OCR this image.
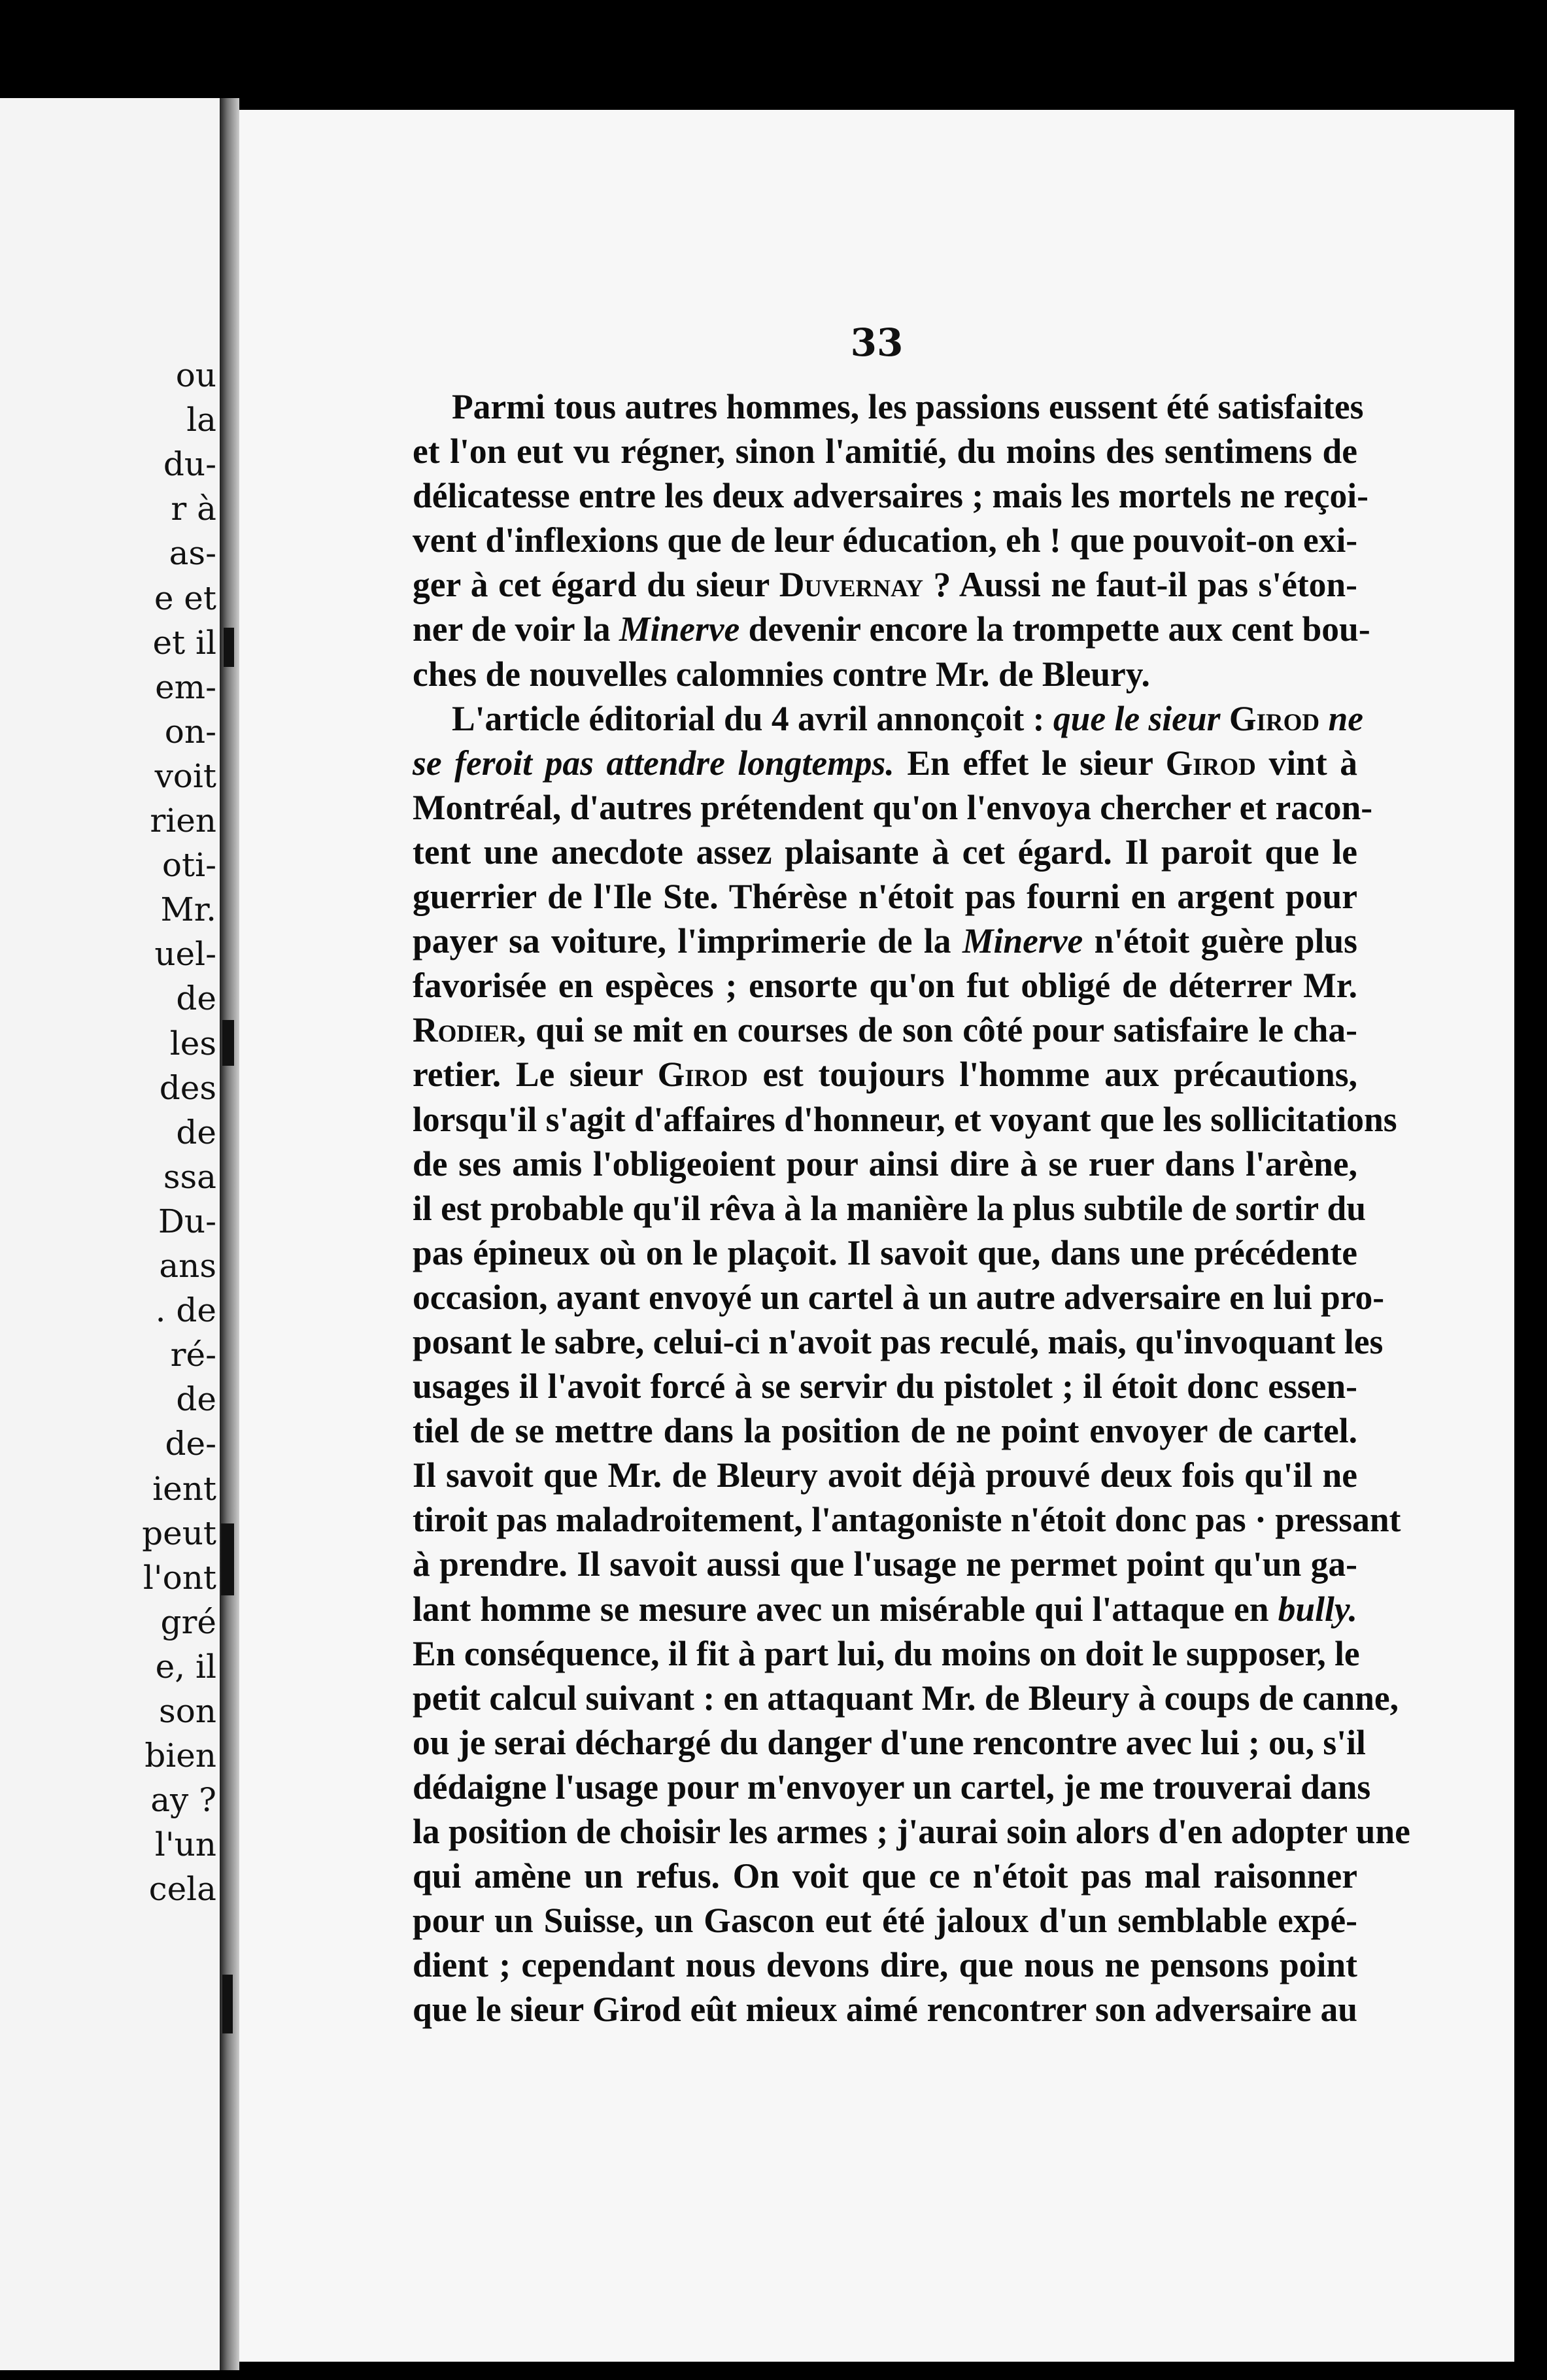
ou
la
du-
r à
as-
e et
et il
em-
on-
voit
rien
oti-
Mr.
uel-
de
les
des
de
ssa
Du-
ans
. de
ré-
de
de-
ient
peut
l'ont
gré
e, il
son
bien
ay ?
l'un
cela
33
Parmi tous autres hommes, les passions eussent été satisfaites
et l'on eut vu régner, sinon l'amitié, du moins des sentimens de
délicatesse entre les deux adversaires ; mais les mortels ne reçoi-
vent d'inflexions que de leur éducation, eh ! que pouvoit-on exi-
ger à cet égard du sieur Duvernay ? Aussi ne faut-il pas s'éton-
ner de voir la Minerve devenir encore la trompette aux cent bou-
ches de nouvelles calomnies contre Mr. de Bleury.
L'article éditorial du 4 avril annonçoit : que le sieur Girod ne
se feroit pas attendre longtemps. En effet le sieur Girod vint à
Montréal, d'autres prétendent qu'on l'envoya chercher et racon-
tent une anecdote assez plaisante à cet égard. Il paroit que le
guerrier de l'Ile Ste. Thérèse n'étoit pas fourni en argent pour
payer sa voiture, l'imprimerie de la Minerve n'étoit guère plus
favorisée en espèces ; ensorte qu'on fut obligé de déterrer Mr.
Rodier, qui se mit en courses de son côté pour satisfaire le cha-
retier. Le sieur Girod est toujours l'homme aux précautions,
lorsqu'il s'agit d'affaires d'honneur, et voyant que les sollicitations
de ses amis l'obligeoient pour ainsi dire à se ruer dans l'arène,
il est probable qu'il rêva à la manière la plus subtile de sortir du
pas épineux où on le plaçoit. Il savoit que, dans une précédente
occasion, ayant envoyé un cartel à un autre adversaire en lui pro-
posant le sabre, celui-ci n'avoit pas reculé, mais, qu'invoquant les
usages il l'avoit forcé à se servir du pistolet ; il étoit donc essen-
tiel de se mettre dans la position de ne point envoyer de cartel.
Il savoit que Mr. de Bleury avoit déjà prouvé deux fois qu'il ne
tiroit pas maladroitement, l'antagoniste n'étoit donc pas · pressant
à prendre. Il savoit aussi que l'usage ne permet point qu'un ga-
lant homme se mesure avec un misérable qui l'attaque en bully.
En conséquence, il fit à part lui, du moins on doit le supposer, le
petit calcul suivant : en attaquant Mr. de Bleury à coups de canne,
ou je serai déchargé du danger d'une rencontre avec lui ; ou, s'il
dédaigne l'usage pour m'envoyer un cartel, je me trouverai dans
la position de choisir les armes ; j'aurai soin alors d'en adopter une
qui amène un refus. On voit que ce n'étoit pas mal raisonner
pour un Suisse, un Gascon eut été jaloux d'un semblable expé-
dient ; cependant nous devons dire, que nous ne pensons point
que le sieur Girod eût mieux aimé rencontrer son adversaire au
